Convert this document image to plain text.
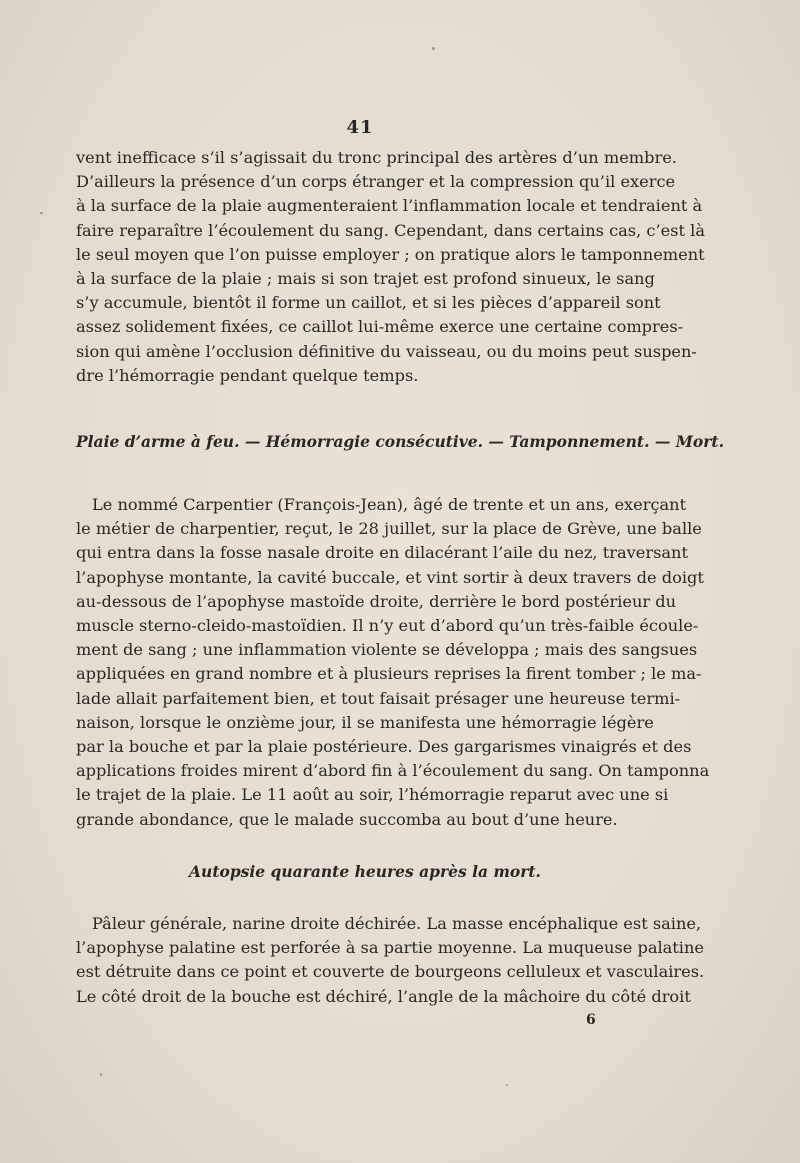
41
vent inefficace s’il s’agissait du tronc principal des artères d’un membre.
D’ailleurs la présence d’un corps étranger et la compression qu’il exerce
à la surface de la plaie augmenteraient l’inflammation locale et tendraient à
faire reparaître l’écoulement du sang. Cependant, dans certains cas, c’est là
le seul moyen que l’on puisse employer ; on pratique alors le tamponnement
à la surface de la plaie ; mais si son trajet est profond sinueux, le sang
s’y accumule, bientôt il forme un caillot, et si les pièces d’appareil sont
assez solidement fixées, ce caillot lui-même exerce une certaine compres-
sion qui amène l’occlusion définitive du vaisseau, ou du moins peut suspen-
dre l’hémorragie pendant quelque temps.
Plaie d’arme à feu. — Hémorragie consécutive. — Tamponnement. — Mort.
Le nommé Carpentier (François-Jean), âgé de trente et un ans, exerçant
le métier de charpentier, reçut, le 28 juillet, sur la place de Grève, une balle
qui entra dans la fosse nasale droite en dilacérant l’aile du nez, traversant
l’apophyse montante, la cavité buccale, et vint sortir à deux travers de doigt
au-dessous de l’apophyse mastoïde droite, derrière le bord postérieur du
muscle sterno-cleido-mastoïdien. Il n’y eut d’abord qu’un très-faible écoule-
ment de sang ; une inflammation violente se développa ; mais des sangsues
appliquées en grand nombre et à plusieurs reprises la firent tomber ; le ma-
lade allait parfaitement bien, et tout faisait présager une heureuse termi-
naison, lorsque le onzième jour, il se manifesta une hémorragie légère
par la bouche et par la plaie postérieure. Des gargarismes vinaigrés et des
applications froides mirent d’abord fin à l’écoulement du sang. On tamponna
le trajet de la plaie. Le 11 août au soir, l’hémorragie reparut avec une si
grande abondance, que le malade succomba au bout d’une heure.
Autopsie quarante heures après la mort.
Pâleur générale, narine droite déchirée. La masse encéphalique est saine,
l’apophyse palatine est perforée à sa partie moyenne. La muqueuse palatine
est détruite dans ce point et couverte de bourgeons celluleux et vasculaires.
Le côté droit de la bouche est déchiré, l’angle de la mâchoire du côté droit
6
